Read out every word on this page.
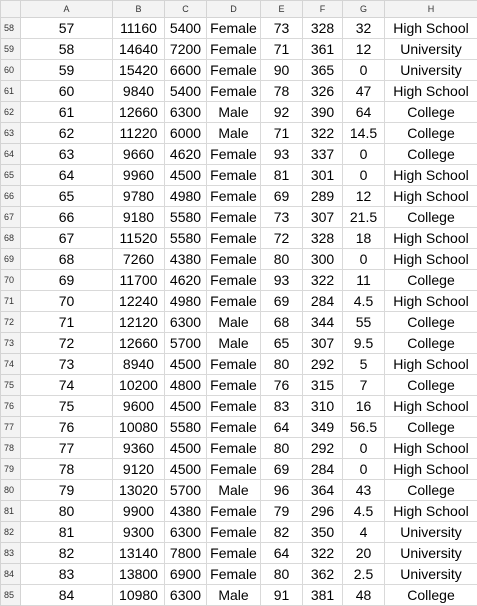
	A	B	C	D	E	F	G	H
58	57	11160	5400	Female	73	328	32	High School
59	58	14640	7200	Female	71	361	12	University
60	59	15420	6600	Female	90	365	0	University
61	60	9840	5400	Female	78	326	47	High School
62	61	12660	6300	Male	92	390	64	College
63	62	11220	6000	Male	71	322	14.5	College
64	63	9660	4620	Female	93	337	0	College
65	64	9960	4500	Female	81	301	0	High School
66	65	9780	4980	Female	69	289	12	High School
67	66	9180	5580	Female	73	307	21.5	College
68	67	11520	5580	Female	72	328	18	High School
69	68	7260	4380	Female	80	300	0	High School
70	69	11700	4620	Female	93	322	11	College
71	70	12240	4980	Female	69	284	4.5	High School
72	71	12120	6300	Male	68	344	55	College
73	72	12660	5700	Male	65	307	9.5	College
74	73	8940	4500	Female	80	292	5	High School
75	74	10200	4800	Female	76	315	7	College
76	75	9600	4500	Female	83	310	16	High School
77	76	10080	5580	Female	64	349	56.5	College
78	77	9360	4500	Female	80	292	0	High School
79	78	9120	4500	Female	69	284	0	High School
80	79	13020	5700	Male	96	364	43	College
81	80	9900	4380	Female	79	296	4.5	High School
82	81	9300	6300	Female	82	350	4	University
83	82	13140	7800	Female	64	322	20	University
84	83	13800	6900	Female	80	362	2.5	University
85	84	10980	6300	Male	91	381	48	College
